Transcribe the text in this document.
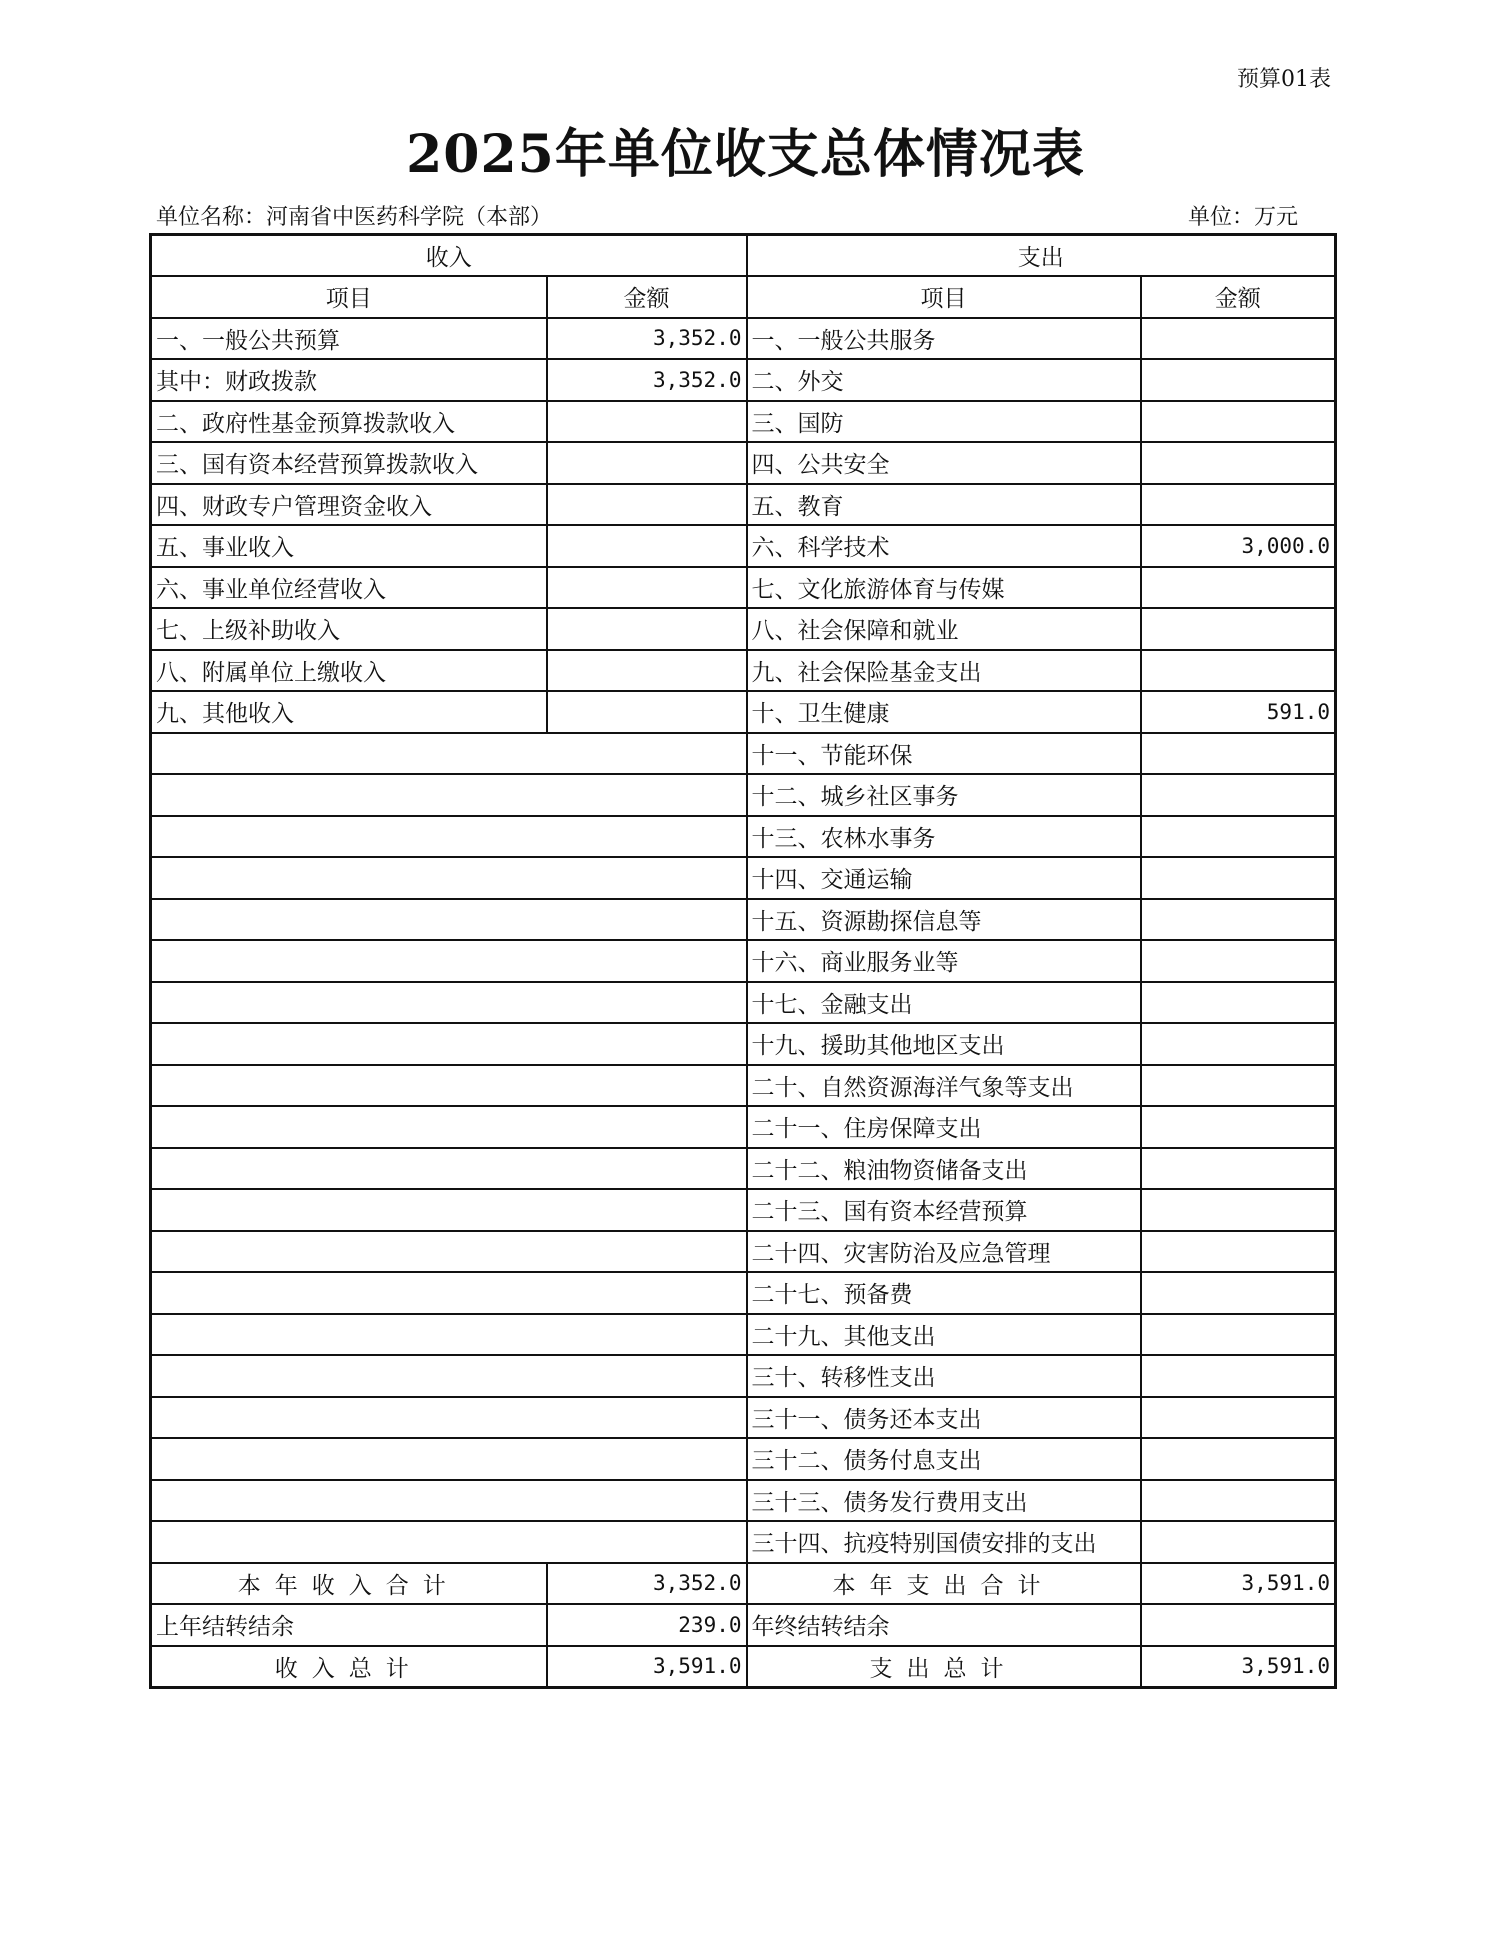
预算01表
2025年单位收支总体情况表
单位名称：河南省中医药科学院（本部）	单位：万元
收入		支出	
项目	金额	项目	金额
一、一般公共预算	3,352.0	一、一般公共服务	
其中：财政拨款	3,352.0	二、外交	
二、政府性基金预算拨款收入		三、国防	
三、国有资本经营预算拨款收入		四、公共安全	
四、财政专户管理资金收入		五、教育	
五、事业收入		六、科学技术	3,000.0
六、事业单位经营收入		七、文化旅游体育与传媒	
七、上级补助收入		八、社会保障和就业	
八、附属单位上缴收入		九、社会保险基金支出	
九、其他收入		十、卫生健康	591.0
		十一、节能环保	
		十二、城乡社区事务	
		十三、农林水事务	
		十四、交通运输	
		十五、资源勘探信息等	
		十六、商业服务业等	
		十七、金融支出	
		十九、援助其他地区支出	
		二十、自然资源海洋气象等支出	
		二十一、住房保障支出	
		二十二、粮油物资储备支出	
		二十三、国有资本经营预算	
		二十四、灾害防治及应急管理	
		二十七、预备费	
		二十九、其他支出	
		三十、转移性支出	
		三十一、债务还本支出	
		三十二、债务付息支出	
		三十三、债务发行费用支出	
		三十四、抗疫特别国债安排的支出	
本年收入合计	3,352.0	本年支出合计	3,591.0
上年结转结余	239.0	年终结转结余	
收入总计	3,591.0	支出总计	3,591.0
